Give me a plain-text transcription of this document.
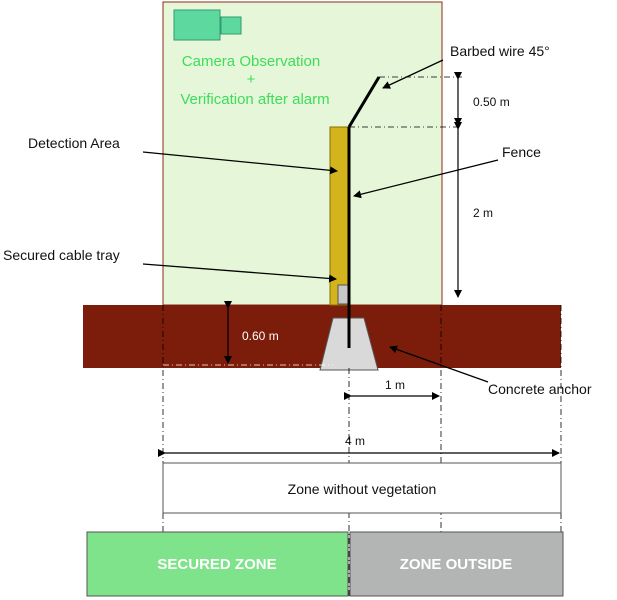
Camera Observation
+
Verification after alarm
Barbed wire 45°
0.50 m
Detection Area
Fence
2 m
Secured cable tray
0.60 m
Concrete anchor
1 m
4 m
Zone without vegetation
SECURED ZONE	ZONE OUTSIDE
